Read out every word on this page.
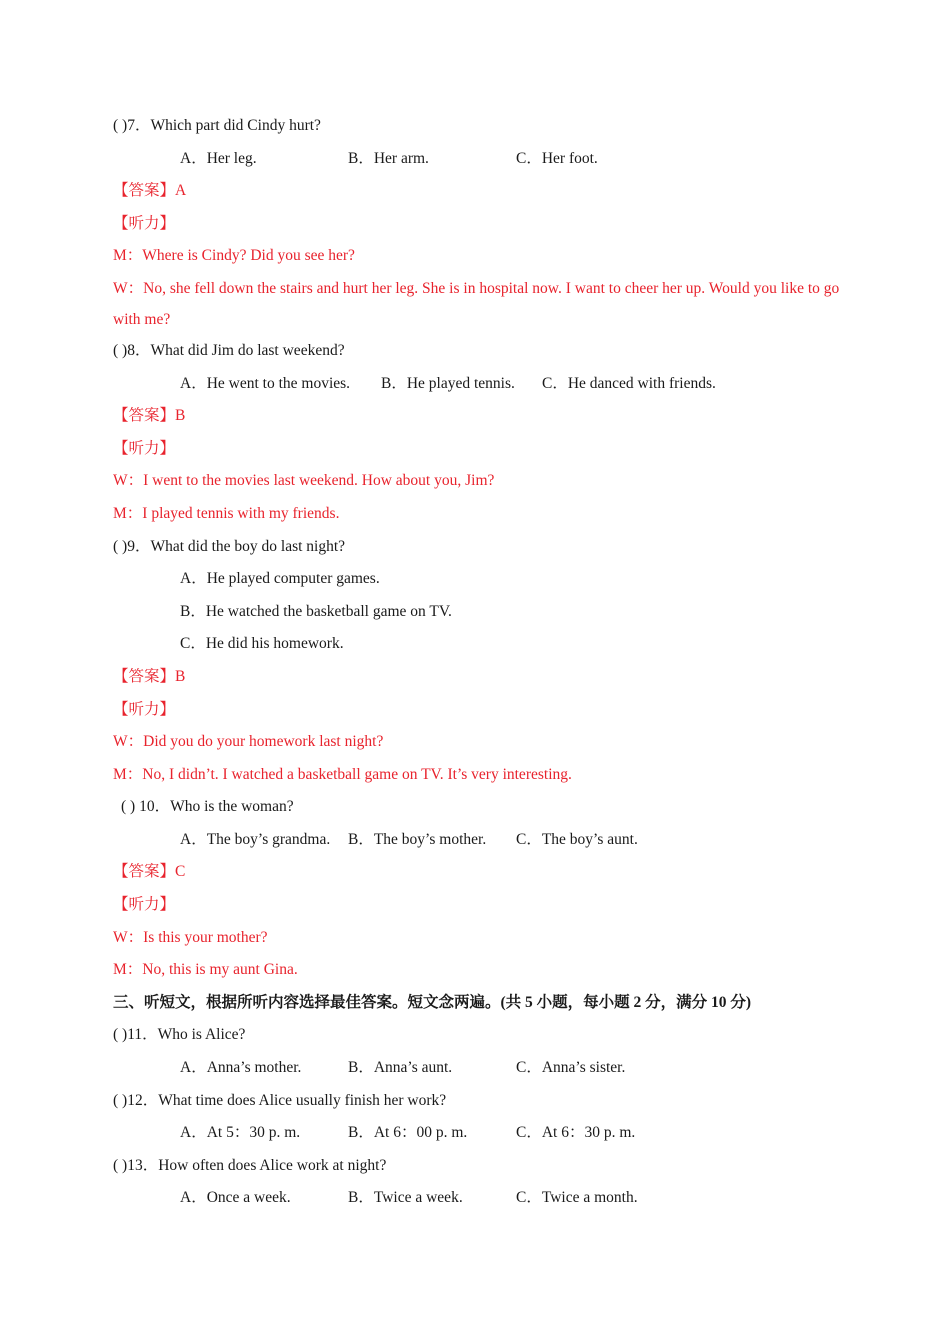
( )7．Which part did Cindy hurt?
A．Her leg.	B．Her arm.	C．Her foot.
【答案】A
【听力】
M：Where is Cindy? Did you see her?
W：No, she fell down the stairs and hurt her leg. She is in hospital now. I want to cheer her up. Would you like to go with me?
( )8．What did Jim do last weekend?
A．He went to the movies.	B．He played tennis.	C．He danced with friends.
【答案】B
【听力】
W：I went to the movies last weekend. How about you, Jim?
M：I played tennis with my friends.
( )9．What did the boy do last night?
A．He played computer games.
B．He watched the basketball game on TV.
C．He did his homework.
【答案】B
【听力】
W：Did you do your homework last night?
M：No, I didn’t. I watched a basketball game on TV. It’s very interesting.
( ) 10．Who is the woman?
A．The boy’s grandma.	B．The boy’s mother.	C．The boy’s aunt.
【答案】C
【听力】
W：Is this your mother?
M：No, this is my aunt Gina.
三、听短文，根据所听内容选择最佳答案。短文念两遍。(共 5 小题，每小题 2 分，满分 10 分)
( )11．Who is Alice?
A．Anna’s mother.	B．Anna’s aunt.	C．Anna’s sister.
( )12．What time does Alice usually finish her work?
A．At 5：30 p. m.	B．At 6：00 p. m.	C．At 6：30 p. m.
( )13．How often does Alice work at night?
A．Once a week.	B．Twice a week.	C．Twice a month.
